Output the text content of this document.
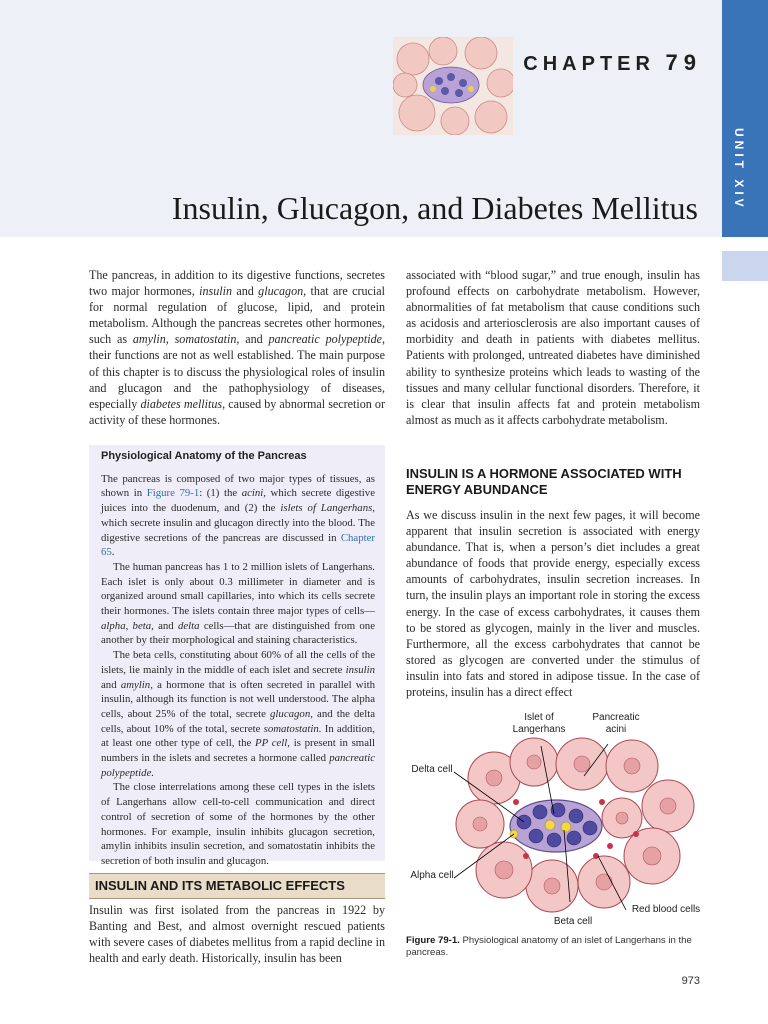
CHAPTER 79
Insulin, Glucagon, and Diabetes Mellitus	UNIT XIV

The pancreas, in addition to its digestive functions, secretes two major hormones, insulin and glucagon, that are crucial for normal regulation of glucose, lipid, and protein metabolism. Although the pancreas secretes other hormones, such as amylin, somatostatin, and pancreatic polypeptide, their functions are not as well established. The main purpose of this chapter is to discuss the physiological roles of insulin and glucagon and the pathophysiology of diseases, especially diabetes mellitus, caused by abnormal secretion or activity of these hormones.

Physiological Anatomy of the Pancreas

The pancreas is composed of two major types of tissues, as shown in Figure 79-1: (1) the acini, which secrete digestive juices into the duodenum, and (2) the islets of Langerhans, which secrete insulin and glucagon directly into the blood. The digestive secretions of the pancreas are discussed in Chapter 65.

The human pancreas has 1 to 2 million islets of Langerhans. Each islet is only about 0.3 millimeter in diameter and is organized around small capillaries, into which its cells secrete their hormones. The islets contain three major types of cells—alpha, beta, and delta cells—that are distinguished from one another by their morphological and staining characteristics.

The beta cells, constituting about 60% of all the cells of the islets, lie mainly in the middle of each islet and secrete insulin and amylin, a hormone that is often secreted in parallel with insulin, although its function is not well understood. The alpha cells, about 25% of the total, secrete glucagon, and the delta cells, about 10% of the total, secrete somatostatin. In addition, at least one other type of cell, the PP cell, is present in small numbers in the islets and secretes a hormone called pancreatic polypeptide.

The close interrelations among these cell types in the islets of Langerhans allow cell-to-cell communication and direct control of secretion of some of the hormones by the other hormones. For example, insulin inhibits glucagon secretion, amylin inhibits insulin secretion, and somatostatin inhibits the secretion of both insulin and glucagon.

INSULIN AND ITS METABOLIC EFFECTS

Insulin was first isolated from the pancreas in 1922 by Banting and Best, and almost overnight rescued patients with severe cases of diabetes mellitus from a rapid decline in health and early death. Historically, insulin has been

associated with “blood sugar,” and true enough, insulin has profound effects on carbohydrate metabolism. However, abnormalities of fat metabolism that cause conditions such as acidosis and arteriosclerosis are also important causes of morbidity and death in patients with diabetes mellitus. Patients with prolonged, untreated diabetes have diminished ability to synthesize proteins which leads to wasting of the tissues and many cellular functional disorders. Therefore, it is clear that insulin affects fat and protein metabolism almost as much as it affects carbohydrate metabolism.

INSULIN IS A HORMONE ASSOCIATED WITH ENERGY ABUNDANCE

As we discuss insulin in the next few pages, it will become apparent that insulin secretion is associated with energy abundance. That is, when a person’s diet includes a great abundance of foods that provide energy, especially excess amounts of carbohydrates, insulin secretion increases. In turn, the insulin plays an important role in storing the excess energy. In the case of excess carbohydrates, it causes them to be stored as glycogen, mainly in the liver and muscles. Furthermore, all the excess carbohydrates that cannot be stored as glycogen are converted under the stimulus of insulin into fats and stored in adipose tissue. In the case of proteins, insulin has a direct effect

Islet of Langerhans
Pancreatic acini
Delta cell
Alpha cell
Beta cell
Red blood cells
Figure 79-1. Physiological anatomy of an islet of Langerhans in the pancreas.
973
